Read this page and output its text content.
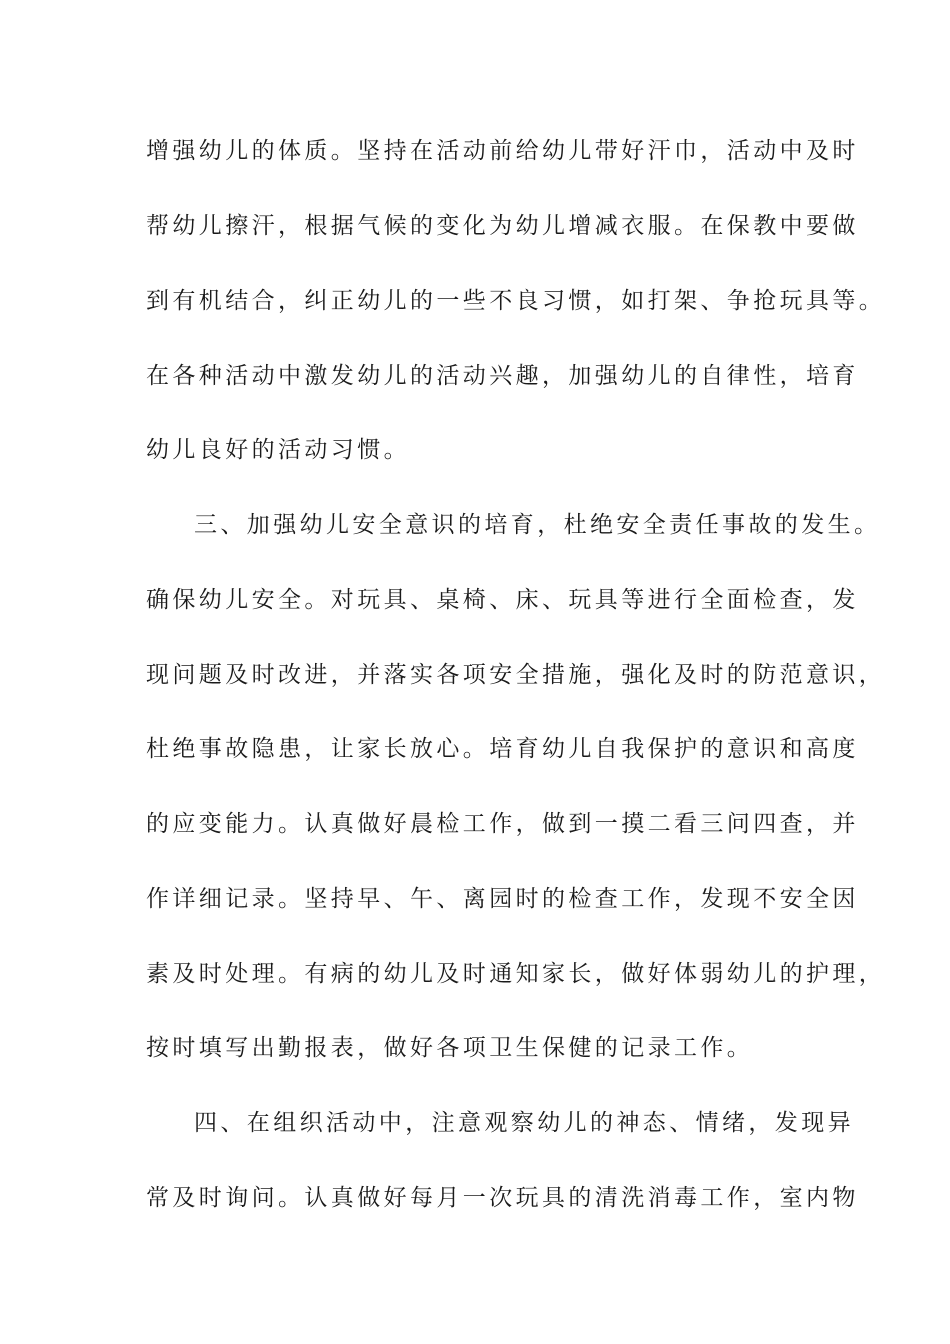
增强幼儿的体质。坚持在活动前给幼儿带好汗巾，活动中及时
帮幼儿擦汗，根据气候的变化为幼儿增减衣服。在保教中要做
到有机结合，纠正幼儿的一些不良习惯，如打架、争抢玩具等。
在各种活动中激发幼儿的活动兴趣，加强幼儿的自律性，培育
幼儿良好的活动习惯。
三、加强幼儿安全意识的培育，杜绝安全责任事故的发生。
确保幼儿安全。对玩具、桌椅、床、玩具等进行全面检查，发
现问题及时改进，并落实各项安全措施，强化及时的防范意识，
杜绝事故隐患，让家长放心。培育幼儿自我保护的意识和高度
的应变能力。认真做好晨检工作，做到一摸二看三问四查，并
作详细记录。坚持早、午、离园时的检查工作，发现不安全因
素及时处理。有病的幼儿及时通知家长，做好体弱幼儿的护理，
按时填写出勤报表，做好各项卫生保健的记录工作。
四、在组织活动中，注意观察幼儿的神态、情绪，发现异
常及时询问。认真做好每月一次玩具的清洗消毒工作，室内物
